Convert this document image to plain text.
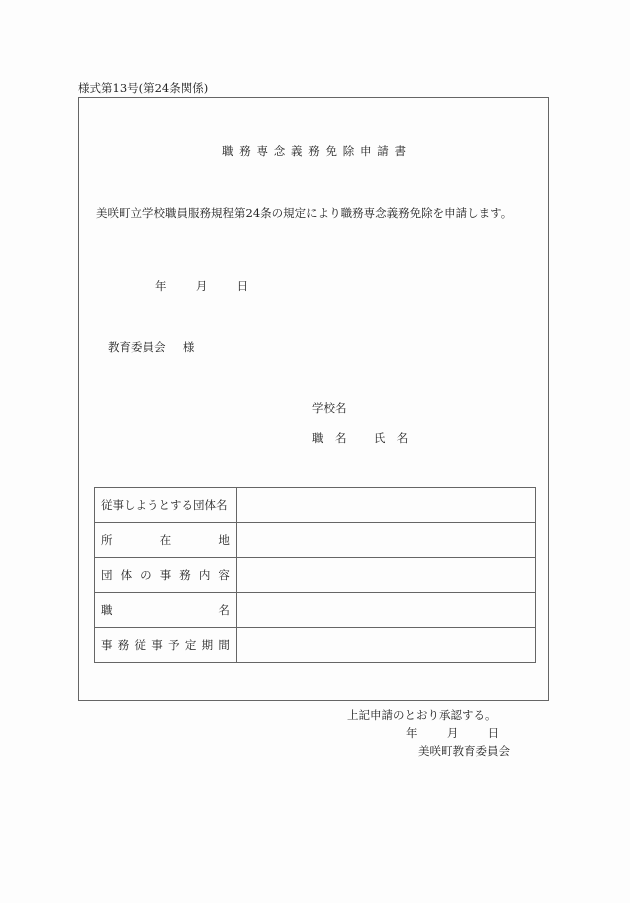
様式第13号(第24条関係)
職 務 専 念 義 務 免 除 申 請 書
美咲町立学校職員服務規程第24条の規定により職務専念義務免除を申請します。
年	月	日
教育委員会 様
学校名
職　名 氏　名
従事しようとする団体名	

所 在 地	

団 体 の 事 務 内 容

職 名	

事 務 従 事 予 定 期 間

上記申請のとおり承認する。
年	月	日
美咲町教育委員会
